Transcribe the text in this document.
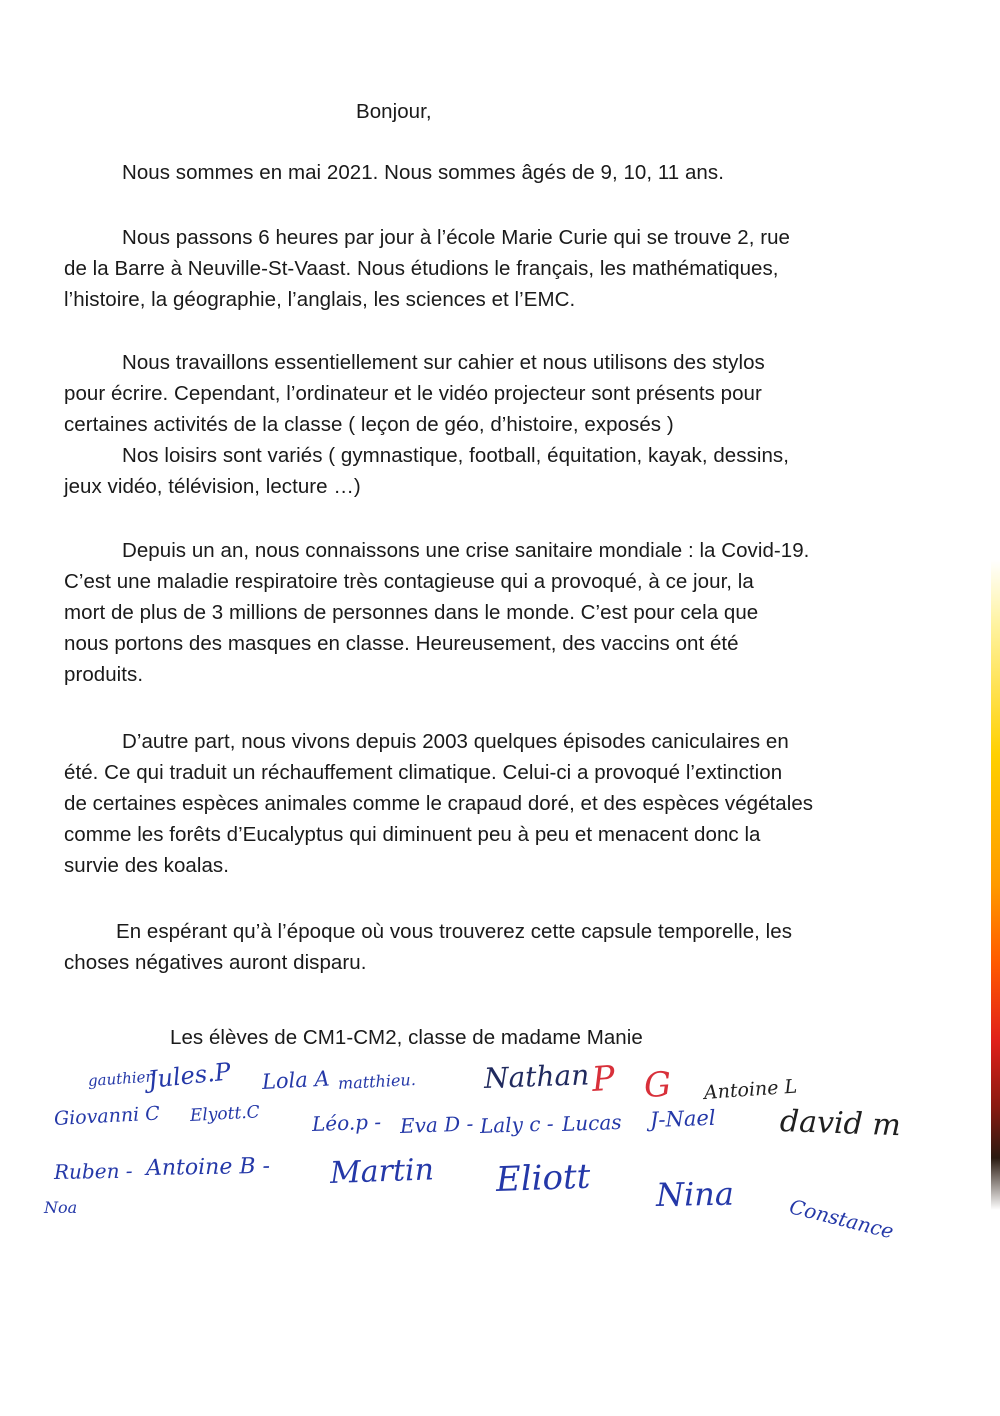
Bonjour,
Nous sommes en mai 2021. Nous sommes âgés de 9, 10, 11 ans.
Nous passons 6 heures par jour à l’école Marie Curie qui se trouve 2, rue
de la Barre à Neuville-St-Vaast. Nous étudions le français, les mathématiques,
l’histoire, la géographie, l’anglais, les sciences et l’EMC.
Nous travaillons essentiellement sur cahier et nous utilisons des stylos
pour écrire. Cependant, l’ordinateur et le vidéo projecteur sont présents pour
certaines activités de la classe ( leçon de géo, d’histoire, exposés )
Nos loisirs sont variés ( gymnastique, football, équitation, kayak, dessins,
jeux vidéo, télévision, lecture …)
Depuis un an, nous connaissons une crise sanitaire mondiale : la Covid-19.
C’est une maladie respiratoire très contagieuse qui a provoqué, à ce jour, la
mort de plus de 3 millions de personnes dans le monde. C’est pour cela que
nous portons des masques en classe. Heureusement, des vaccins ont été
produits.
D’autre part, nous vivons depuis 2003 quelques épisodes caniculaires en
été. Ce qui traduit un réchauffement climatique. Celui-ci a provoqué l’extinction
de certaines espèces animales comme le crapaud doré, et des espèces végétales
comme les forêts d’Eucalyptus qui diminuent peu à peu et menacent donc la
survie des koalas.
En espérant qu’à l’époque où vous trouverez cette capsule temporelle, les
choses négatives auront disparu.
Les élèves de CM1-CM2, classe de madame Manie
gauthier
Jules.P Lola A matthieu. Nathan P G Antoine L
Giovanni C Elyott.C	Léo.p - Eva D - Laly c - Lucas J-Nael david m
Ruben - Antoine B - Martin Eliott Nina
Constance
Noa
